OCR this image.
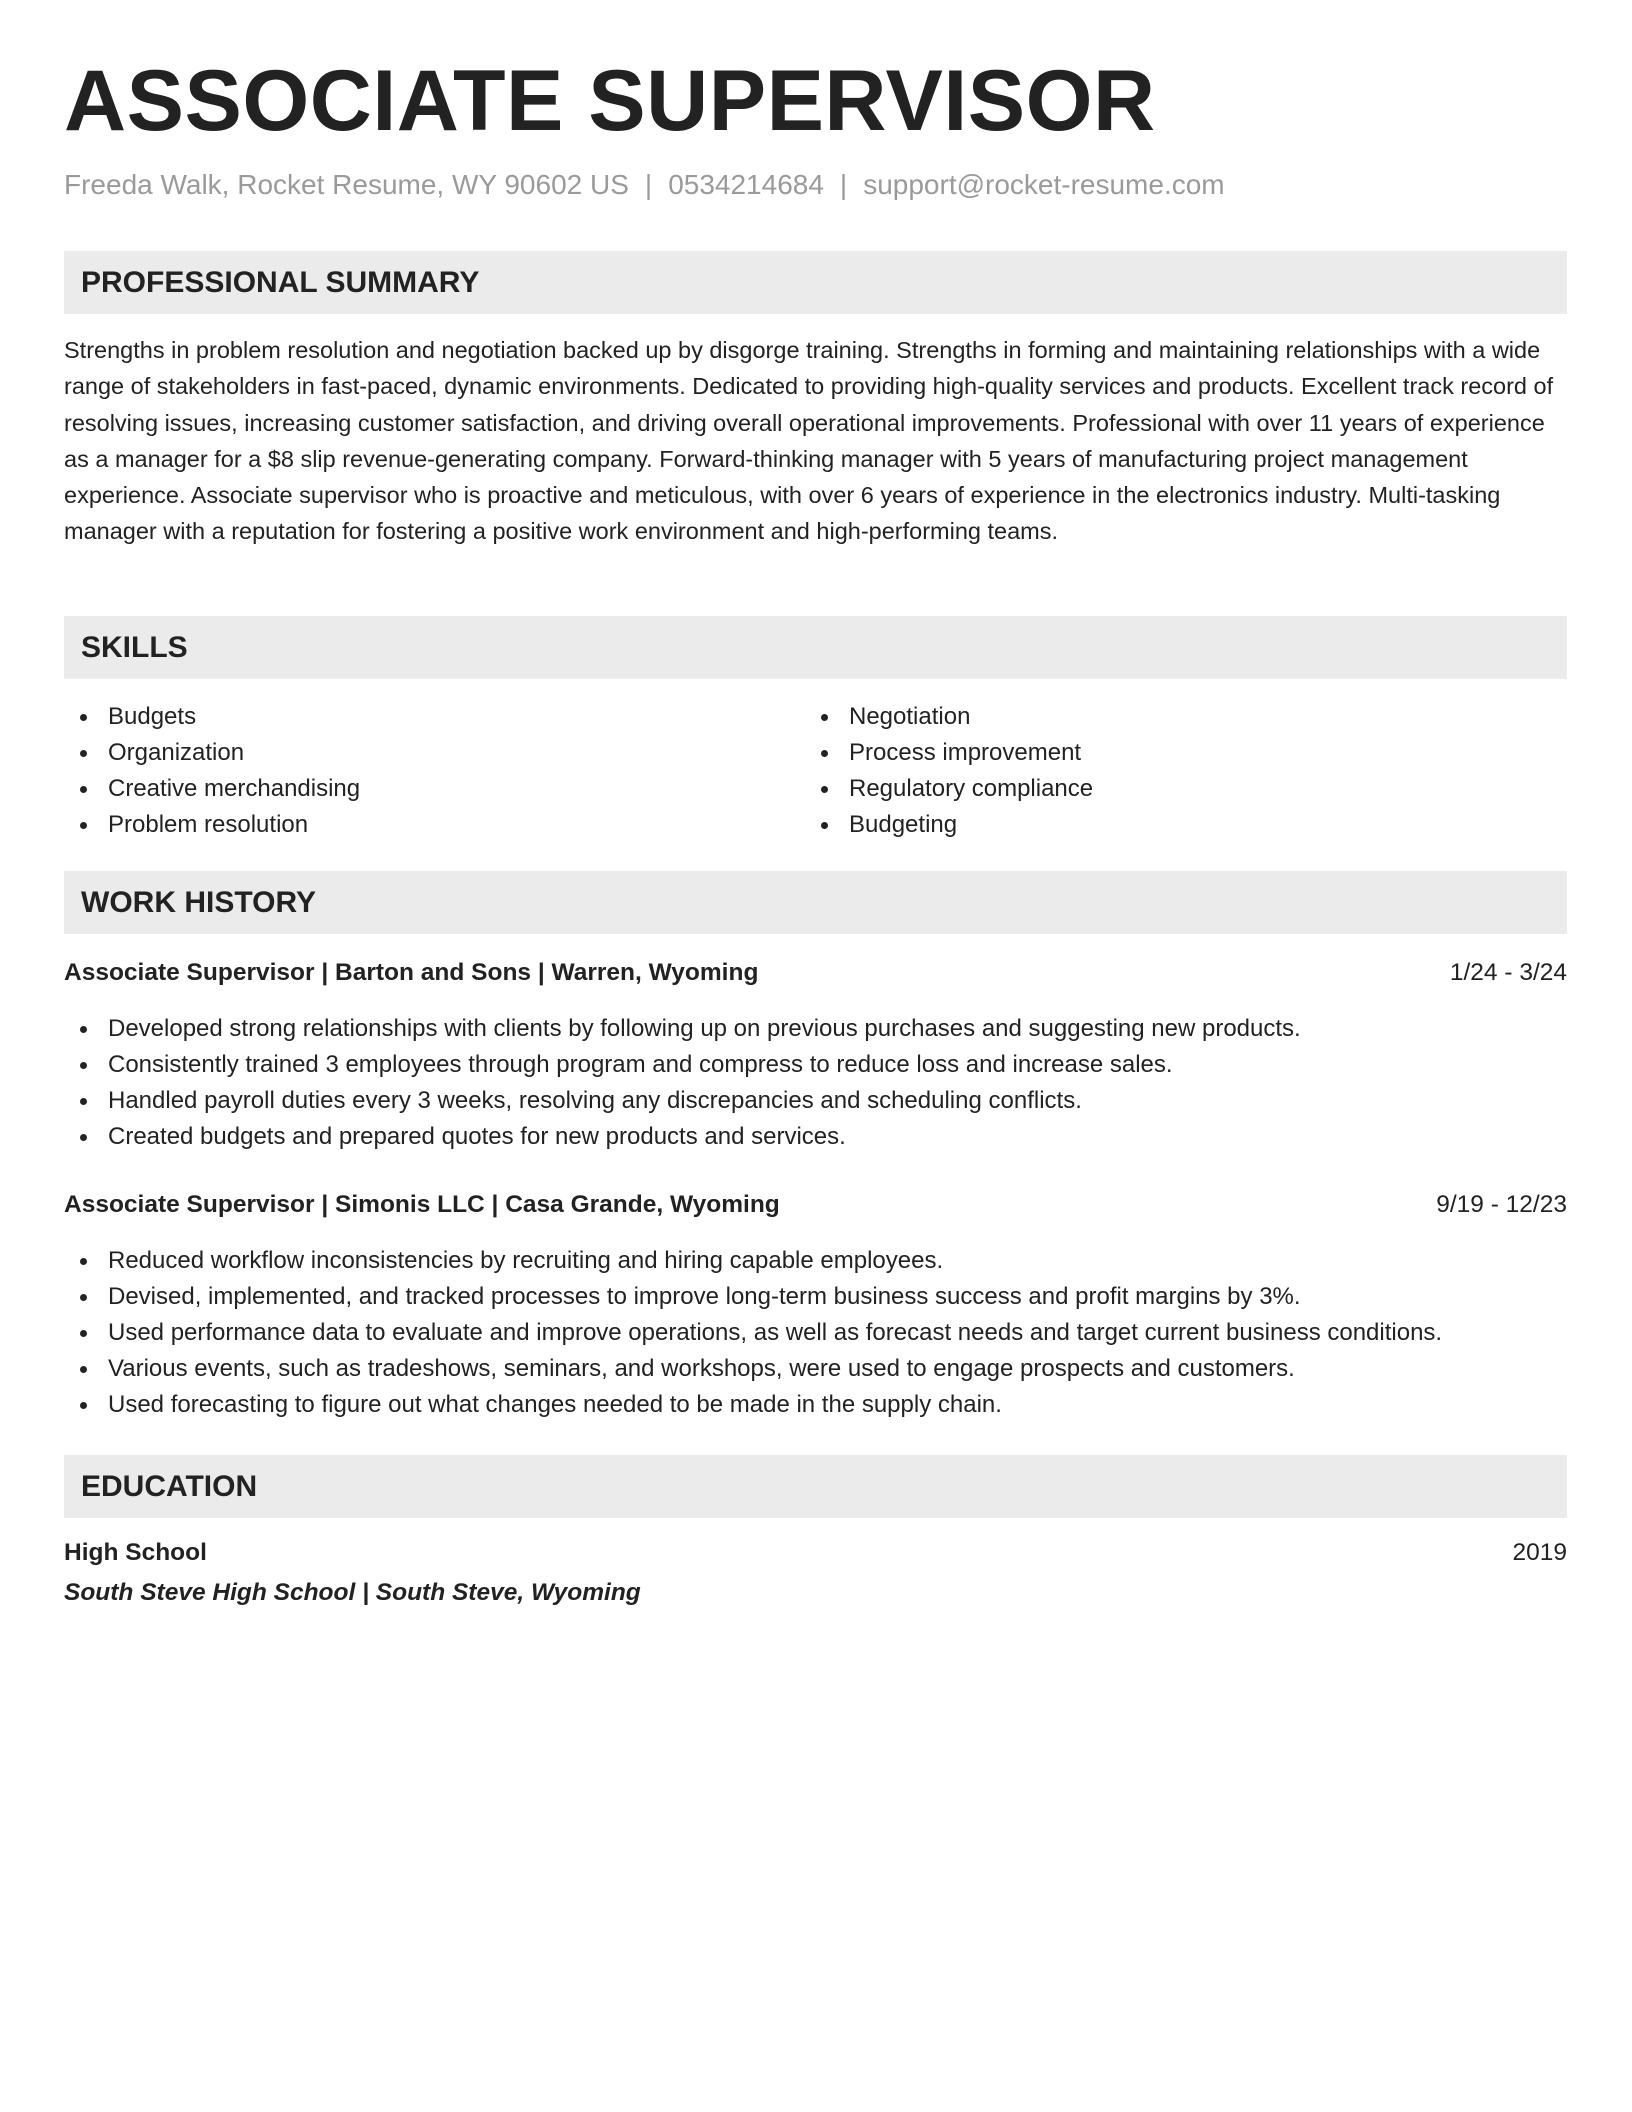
ASSOCIATE SUPERVISOR
Freeda Walk, Rocket Resume, WY 90602 US | 0534214684 | support@rocket-resume.com
PROFESSIONAL SUMMARY

Strengths in problem resolution and negotiation backed up by disgorge training. Strengths in forming and maintaining relationships with a wide range of stakeholders in fast-paced, dynamic environments. Dedicated to providing high-quality services and products. Excellent track record of resolving issues, increasing customer satisfaction, and driving overall operational improvements. Professional with over 11 years of experience as a manager for a $8 slip revenue-generating company. Forward-thinking manager with 5 years of manufacturing project management experience. Associate supervisor who is proactive and meticulous, with over 6 years of experience in the electronics industry. Multi-tasking manager with a reputation for fostering a positive work environment and high-performing teams.

SKILLS
Budgets
Organization
Creative merchandising
Problem resolution
Negotiation
Process improvement
Regulatory compliance
Budgeting
WORK HISTORY
Associate Supervisor | Barton and Sons | Warren, Wyoming	1/24 - 3/24
Developed strong relationships with clients by following up on previous purchases and suggesting new products.
Consistently trained 3 employees through program and compress to reduce loss and increase sales.
Handled payroll duties every 3 weeks, resolving any discrepancies and scheduling conflicts.
Created budgets and prepared quotes for new products and services.
Associate Supervisor | Simonis LLC | Casa Grande, Wyoming	9/19 - 12/23
Reduced workflow inconsistencies by recruiting and hiring capable employees.
Devised, implemented, and tracked processes to improve long-term business success and profit margins by 3%.
Used performance data to evaluate and improve operations, as well as forecast needs and target current business conditions.
Various events, such as tradeshows, seminars, and workshops, were used to engage prospects and customers.
Used forecasting to figure out what changes needed to be made in the supply chain.
EDUCATION
High School	2019
South Steve High School | South Steve, Wyoming
